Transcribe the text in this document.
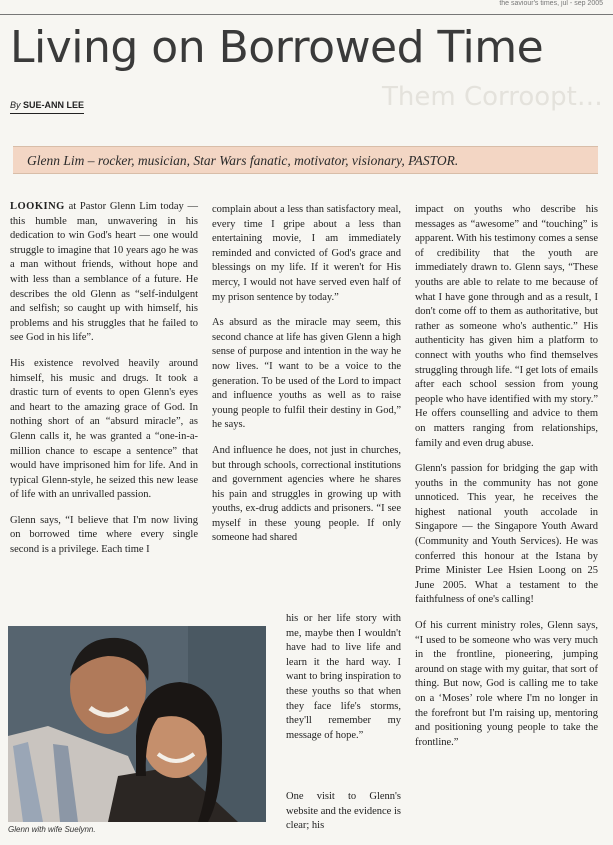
the saviour's times, jul - sep 2005
Them Corroopt…
Living on Borrowed Time
By SUE-ANN LEE
Glenn Lim – rocker, musician, Star Wars fanatic, motivator, visionary, PASTOR.

LOOKING at Pastor Glenn Lim today — this humble man, unwavering in his dedication to win God's heart — one would struggle to imagine that 10 years ago he was a man without friends, without hope and with less than a semblance of a future. He describes the old Glenn as “self-indulgent and selfish; so caught up with himself, his problems and his struggles that he failed to see God in his life”.

His existence revolved heavily around himself, his music and drugs. It took a drastic turn of events to open Glenn's eyes and heart to the amazing grace of God. In nothing short of an “absurd miracle”, as Glenn calls it, he was granted a “one-in-a-million chance to escape a sentence” that would have imprisoned him for life. And in typical Glenn-style, he seized this new lease of life with an unrivalled passion.

Glenn says, “I believe that I'm now living on borrowed time where every single second is a privilege. Each time I

complain about a less than satisfactory meal, every time I gripe about a less than entertaining movie, I am immediately reminded and convicted of God's grace and blessings on my life. If it weren't for His mercy, I would not have served even half of my prison sentence by today.”

As absurd as the miracle may seem, this second chance at life has given Glenn a high sense of purpose and intention in the way he now lives. “I want to be a voice to the generation. To be used of the Lord to impact and influence youths as well as to raise young people to fulfil their destiny in God,” he says.

And influence he does, not just in churches, but through schools, correctional institutions and government agencies where he shares his pain and struggles in growing up with youths, ex-drug addicts and prisoners. “I see myself in these young people. If only someone had shared

his or her life story with me, maybe then I wouldn't have had to live life and learn it the hard way. I want to bring inspiration to these youths so that when they face life's storms, they'll remember my message of hope.”

One visit to Glenn's website and the evidence is clear; his

impact on youths who describe his messages as “awesome” and “touching” is apparent. With his testimony comes a sense of credibility that the youth are immediately drawn to. Glenn says, “These youths are able to relate to me because of what I have gone through and as a result, I don't come off to them as authoritative, but rather as someone who's authentic.” His authenticity has given him a platform to connect with youths who find themselves struggling through life. “I get lots of emails after each school session from young people who have identified with my story.” He offers counselling and advice to them on matters ranging from relationships, family and even drug abuse.

Glenn's passion for bridging the gap with youths in the community has not gone unnoticed. This year, he receives the highest national youth accolade in Singapore — the Singapore Youth Award (Community and Youth Services). He was conferred this honour at the Istana by Prime Minister Lee Hsien Loong on 25 June 2005. What a testament to the faithfulness of one's calling!

Of his current ministry roles, Glenn says, “I used to be someone who was very much in the frontline, pioneering, jumping around on stage with my guitar, that sort of thing. But now, God is calling me to take on a ‘Moses’ role where I'm no longer in the forefront but I'm raising up, mentoring and positioning young people to take the frontline.”

Glenn with wife Suelynn.
